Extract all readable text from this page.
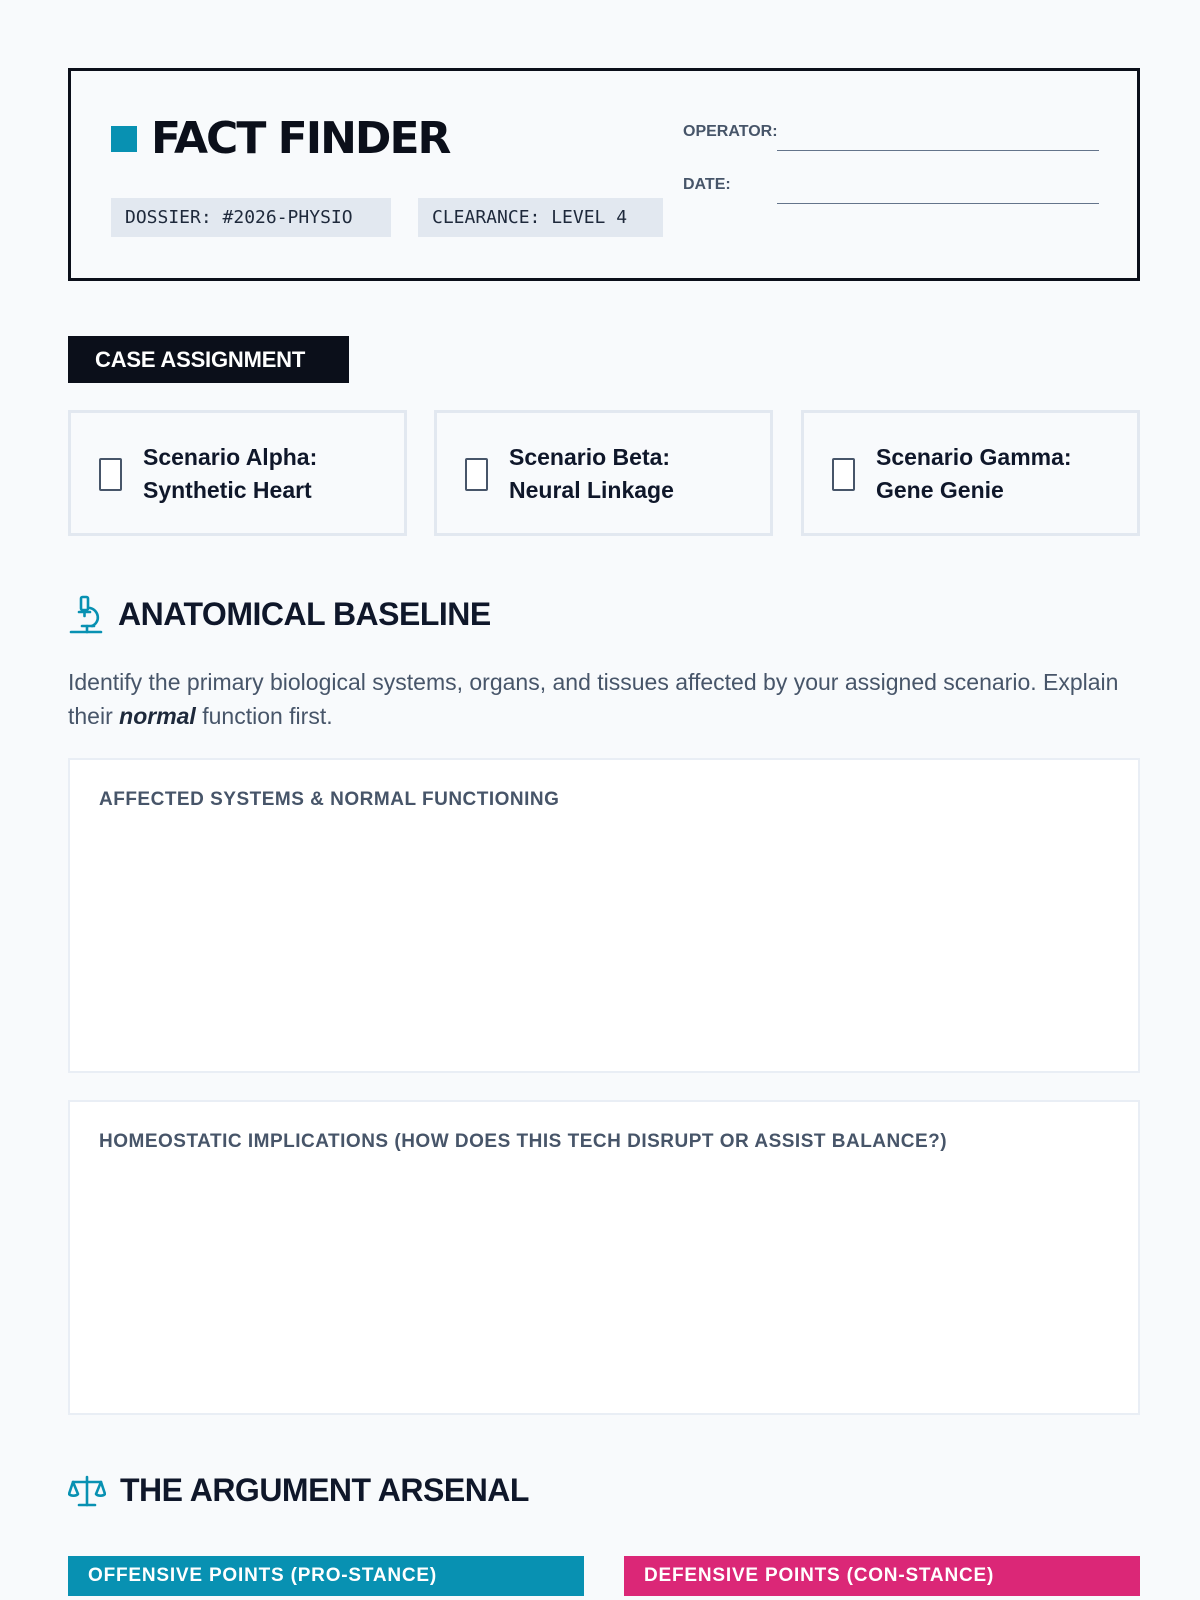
FACT FINDER
DOSSIER: #2026-PHYSIO	CLEARANCE: LEVEL 4
OPERATOR:
DATE:
CASE ASSIGNMENT
Scenario Alpha:
Synthetic Heart
Scenario Beta:
Neural Linkage
Scenario Gamma:
Gene Genie
ANATOMICAL BASELINE
Identify the primary biological systems, organs, and tissues affected by your assigned scenario. Explain their normal function first.
AFFECTED SYSTEMS & NORMAL FUNCTIONING
HOMEOSTATIC IMPLICATIONS (HOW DOES THIS TECH DISRUPT OR ASSIST BALANCE?)
THE ARGUMENT ARSENAL
OFFENSIVE POINTS (PRO-STANCE)	DEFENSIVE POINTS (CON-STANCE)
